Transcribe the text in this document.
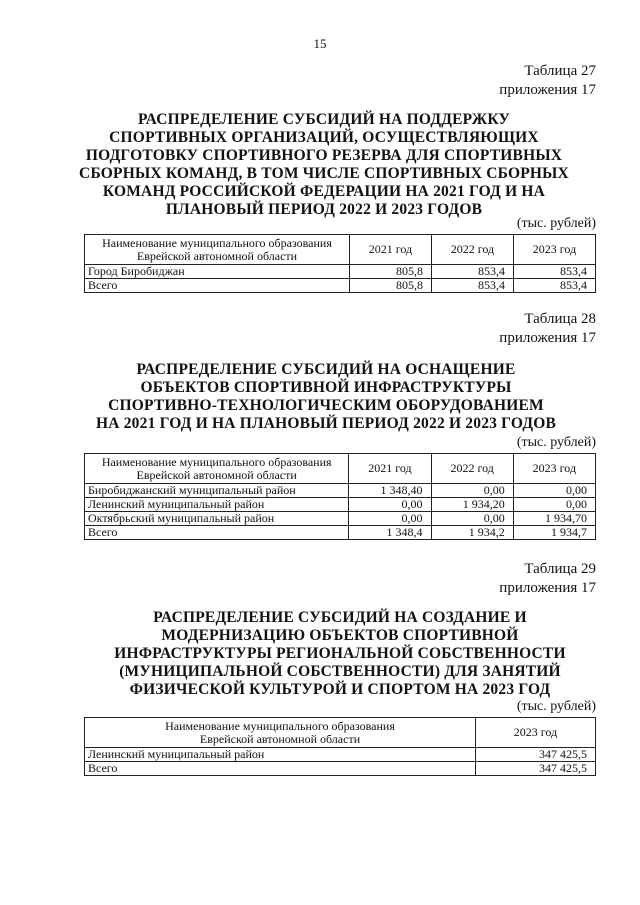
15
Таблица 27
приложения 17
РАСПРЕДЕЛЕНИЕ СУБСИДИЙ НА ПОДДЕРЖКУ СПОРТИВНЫХ ОРГАНИЗАЦИЙ, ОСУЩЕСТВЛЯЮЩИХ ПОДГОТОВКУ СПОРТИВНОГО РЕЗЕРВА ДЛЯ СПОРТИВНЫХ СБОРНЫХ КОМАНД, В ТОМ ЧИСЛЕ СПОРТИВНЫХ СБОРНЫХ КОМАНД РОССИЙСКОЙ ФЕДЕРАЦИИ НА 2021 ГОД И НА ПЛАНОВЫЙ ПЕРИОД 2022 И 2023 ГОДОВ
(тыс. рублей)
Наименование муниципального образования
Еврейской автономной области	2021 год	2022 год	2023 год
Город Биробиджан	805,8	853,4	853,4
Всего	805,8	853,4	853,4
Таблица 28
приложения 17
РАСПРЕДЕЛЕНИЕ СУБСИДИЙ НА ОСНАЩЕНИЕ ОБЪЕКТОВ СПОРТИВНОЙ ИНФРАСТРУКТУРЫ СПОРТИВНО-ТЕХНОЛОГИЧЕСКИМ ОБОРУДОВАНИЕМ НА 2021 ГОД И НА ПЛАНОВЫЙ ПЕРИОД 2022 И 2023 ГОДОВ
(тыс. рублей)
Наименование муниципального образования
Еврейской автономной области	2021 год	2022 год	2023 год
Биробиджанский муниципальный район	1 348,40	0,00	0,00
Ленинский муниципальный район	0,00	1 934,20	0,00
Октябрьский муниципальный район	0,00	0,00	1 934,70
Всего	1 348,4	1 934,2	1 934,7
Таблица 29
приложения 17
РАСПРЕДЕЛЕНИЕ СУБСИДИЙ НА СОЗДАНИЕ И МОДЕРНИЗАЦИЮ ОБЪЕКТОВ СПОРТИВНОЙ ИНФРАСТРУКТУРЫ РЕГИОНАЛЬНОЙ СОБСТВЕННОСТИ (МУНИЦИПАЛЬНОЙ СОБСТВЕННОСТИ) ДЛЯ ЗАНЯТИЙ ФИЗИЧЕСКОЙ КУЛЬТУРОЙ И СПОРТОМ НА 2023 ГОД
(тыс. рублей)
Наименование муниципального образования
Еврейской автономной области	2023 год
Ленинский муниципальный район	347 425,5
Всего	347 425,5
